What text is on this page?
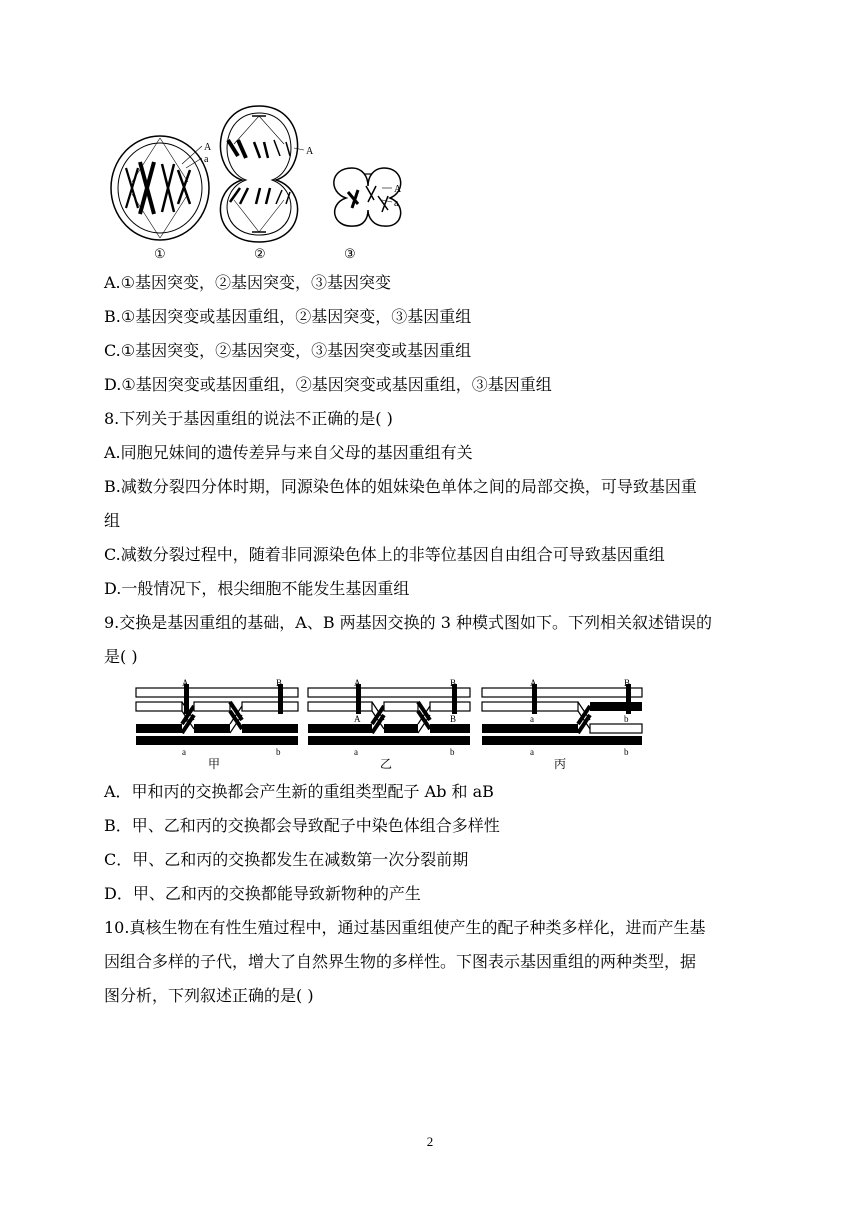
A
a
①
A
②
A
a
③
A.①基因突变，②基因突变，③基因突变
B.①基因突变或基因重组，②基因突变，③基因重组
C.①基因突变，②基因突变，③基因突变或基因重组
D.①基因突变或基因重组，②基因突变或基因重组，③基因重组
8.下列关于基因重组的说法不正确的是( )
A.同胞兄妹间的遗传差异与来自父母的基因重组有关
B.减数分裂四分体时期，同源染色体的姐妹染色单体之间的局部交换，可导致基因重
组
C.减数分裂过程中，随着非同源染色体上的非等位基因自由组合可导致基因重组
D.一般情况下，根尖细胞不能发生基因重组
9.交换是基因重组的基础，A、B 两基因交换的 3 种模式图如下。下列相关叙述错误的
是( )
A
A
a
B
b
甲
A
A
a
B
B
b
乙
A
a
a
B
b
b
丙
A．甲和丙的交换都会产生新的重组类型配子 Ab 和 aB
B．甲、乙和丙的交换都会导致配子中染色体组合多样性
C．甲、乙和丙的交换都发生在减数第一次分裂前期
D．甲、乙和丙的交换都能导致新物种的产生
10.真核生物在有性生殖过程中，通过基因重组使产生的配子种类多样化，进而产生基
因组合多样的子代，增大了自然界生物的多样性。下图表示基因重组的两种类型，据
图分析，下列叙述正确的是( )
2
